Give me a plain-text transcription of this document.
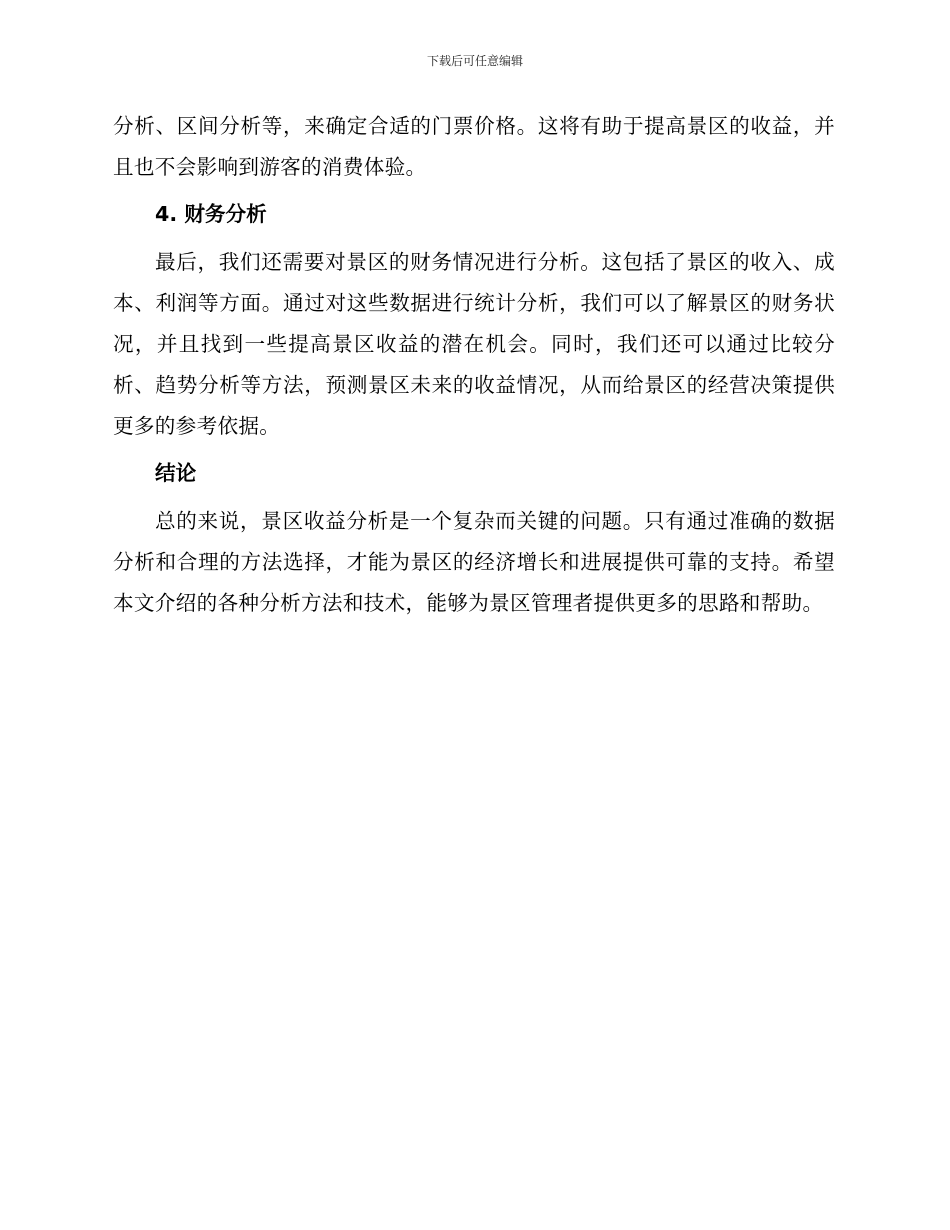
下载后可任意编辑

分析、区间分析等，来确定合适的门票价格。这将有助于提高景区的收益，并且也不会影响到游客的消费体验。

4. 财务分析

最后，我们还需要对景区的财务情况进行分析。这包括了景区的收入、成本、利润等方面。通过对这些数据进行统计分析，我们可以了解景区的财务状况，并且找到一些提高景区收益的潜在机会。同时，我们还可以通过比较分析、趋势分析等方法，预测景区未来的收益情况，从而给景区的经营决策提供更多的参考依据。

结论

总的来说，景区收益分析是一个复杂而关键的问题。只有通过准确的数据分析和合理的方法选择，才能为景区的经济增长和进展提供可靠的支持。希望本文介绍的各种分析方法和技术，能够为景区管理者提供更多的思路和帮助。
